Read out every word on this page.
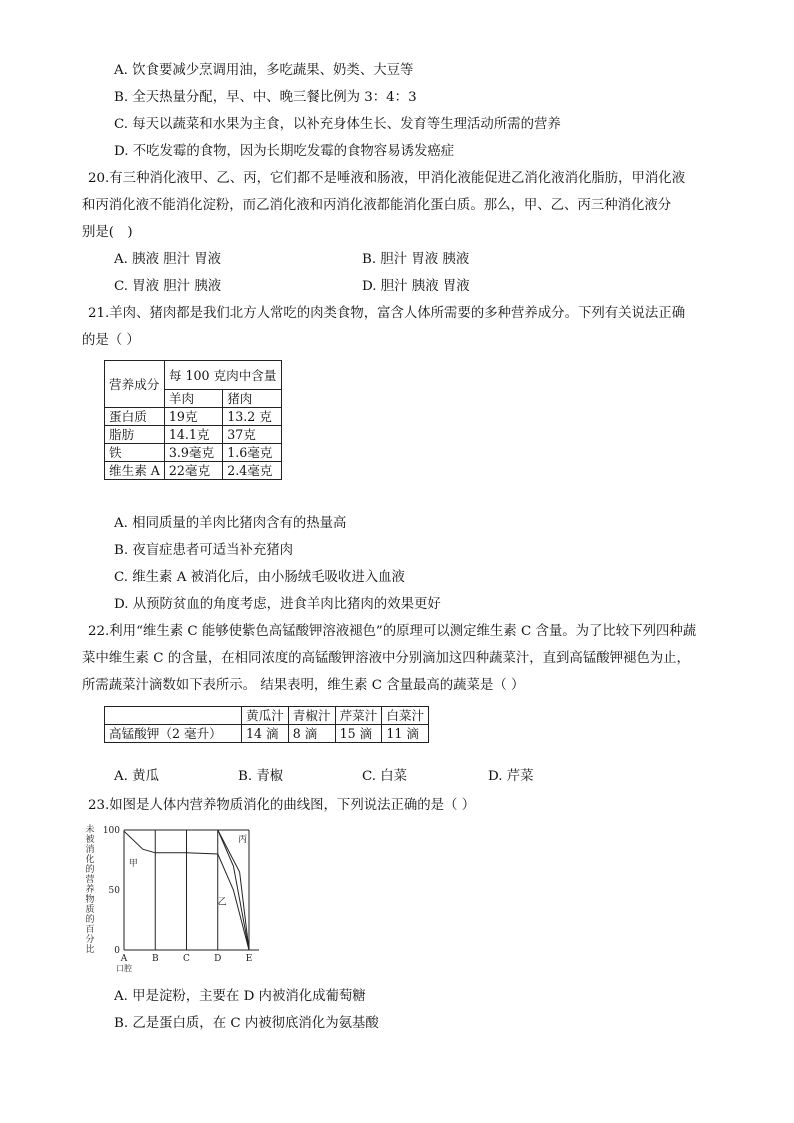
A. 饮食要减少烹调用油，多吃蔬果、奶类、大豆等
B. 全天热量分配，早、中、晚三餐比例为 3：4：3
C. 每天以蔬菜和水果为主食，以补充身体生长、发育等生理活动所需的营养
D. 不吃发霉的食物，因为长期吃发霉的食物容易诱发癌症
20.有三种消化液甲、乙、丙，它们都不是唾液和肠液，甲消化液能促进乙消化液消化脂肪，甲消化液
和丙消化液不能消化淀粉，而乙消化液和丙消化液都能消化蛋白质。那么，甲、乙、丙三种消化液分
别是(　)
A. 胰液 胆汁 胃液	B. 胆汁 胃液 胰液
C. 胃液 胆汁 胰液	D. 胆汁 胰液 胃液
21.羊肉、猪肉都是我们北方人常吃的肉类食物，富含人体所需要的多种营养成分。下列有关说法正确
的是（ ）
营养成分	每 100 克肉中含量	
	羊肉	猪肉
蛋白质	19克	13.2 克
脂肪	14.1克	37克
铁	3.9毫克	1.6毫克
维生素 A	22毫克	2.4毫克
A. 相同质量的羊肉比猪肉含有的热量高
B. 夜盲症患者可适当补充猪肉
C. 维生素 A 被消化后，由小肠绒毛吸收进入血液
D. 从预防贫血的角度考虑，进食羊肉比猪肉的效果更好
22.利用“维生素 C 能够使紫色高锰酸钾溶液褪色”的原理可以测定维生素 C 含量。为了比较下列四种蔬
菜中维生素 C 的含量，在相同浓度的高锰酸钾溶液中分别滴加这四种蔬菜汁，直到高锰酸钾褪色为止，
所需蔬菜汁滴数如下表所示。 结果表明，维生素 C 含量最高的蔬菜是（ ）
	黄瓜汁	青椒汁	芹菜汁	白菜汁
高锰酸钾（2 毫升）	14 滴	8 滴	15 滴	11 滴
A. 黄瓜	B. 青椒	C. 白菜	D. 芹菜
23.如图是人体内营养物质消化的曲线图，下列说法正确的是（ ）
未
被
消
化
的
营
养
物
质
的
百
分
比
100
50
0
A	B	C	D	E
口腔
甲
乙
丙
A. 甲是淀粉，主要在 D 内被消化成葡萄糖
B. 乙是蛋白质，在 C 内被彻底消化为氨基酸
